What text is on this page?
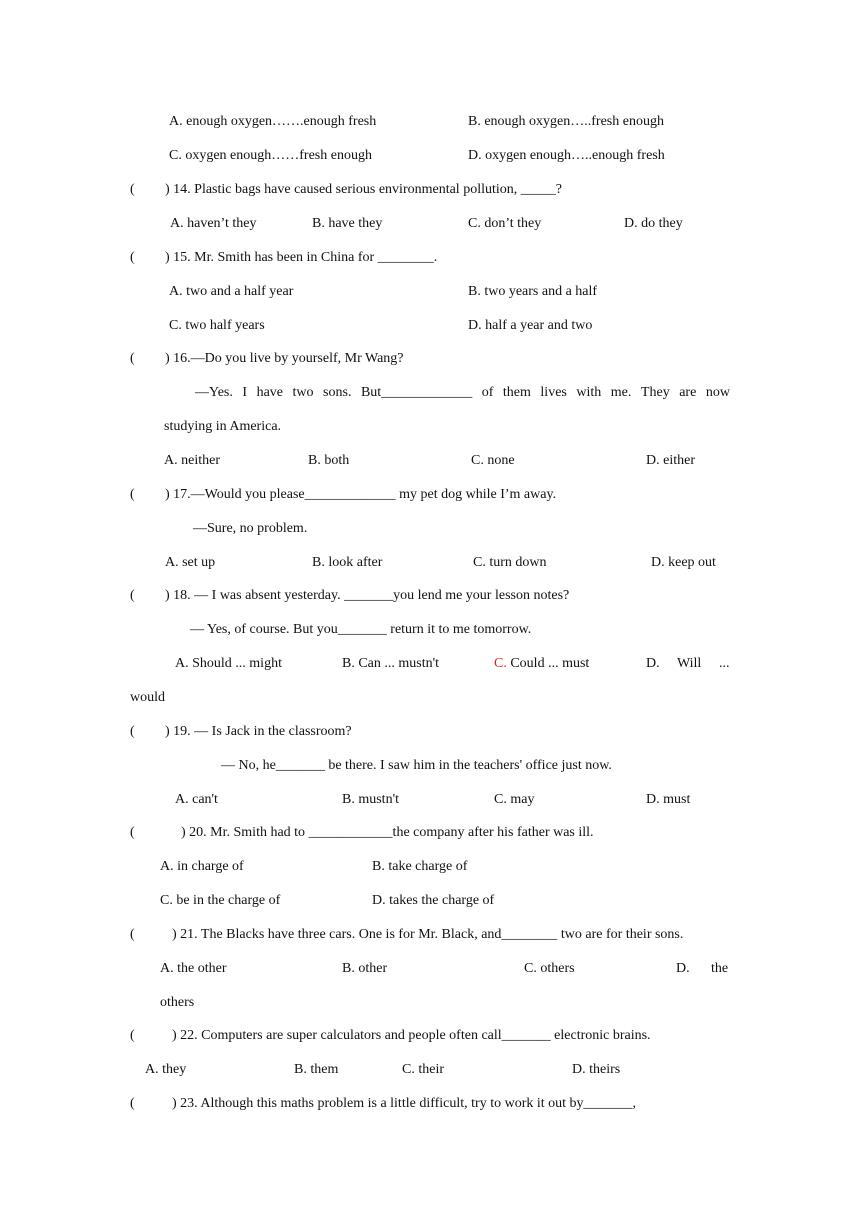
A. enough oxygen…….enough fresh	B. enough oxygen…..fresh enough
C. oxygen enough……fresh enough	D. oxygen enough…..enough fresh
( ) 14. Plastic bags have caused serious environmental pollution, _____?
A. haven’t they	B. have they	C. don’t they	D. do they
( ) 15. Mr. Smith has been in China for ________.
A. two and a half year	B. two years and a half
C. two half years	D. half a year and two
( ) 16.—Do you live by yourself, Mr Wang?
—Yes. I have two sons. But_____________ of them lives with me. They are now
studying in America.
A. neither	B. both	C. none	D. either
( ) 17.—Would you please_____________ my pet dog while I’m away.
—Sure, no problem.
A. set up	B. look after	C. turn down	D. keep out
( ) 18. — I was absent yesterday. _______you lend me your lesson notes?
— Yes, of course. But you_______ return it to me tomorrow.
A. Should ... might	B. Can ... mustn't	C. Could ... must	D. Will ...
would
( ) 19. — Is Jack in the classroom?
— No, he_______ be there. I saw him in the teachers' office just now.
A. can't	B. mustn't	C. may	D. must
(	) 20. Mr. Smith had to ____________the company after his father was ill.
A. in charge of	B. take charge of
C. be in the charge of	D. takes the charge of
(	) 21. The Blacks have three cars. One is for Mr. Black, and________ two are for their sons.
A. the other	B. other	C. others	D. the
others
(	) 22. Computers are super calculators and people often call_______ electronic brains.
A. they	B. them	C. their	D. theirs
(	) 23. Although this maths problem is a little difficult, try to work it out by_______,
